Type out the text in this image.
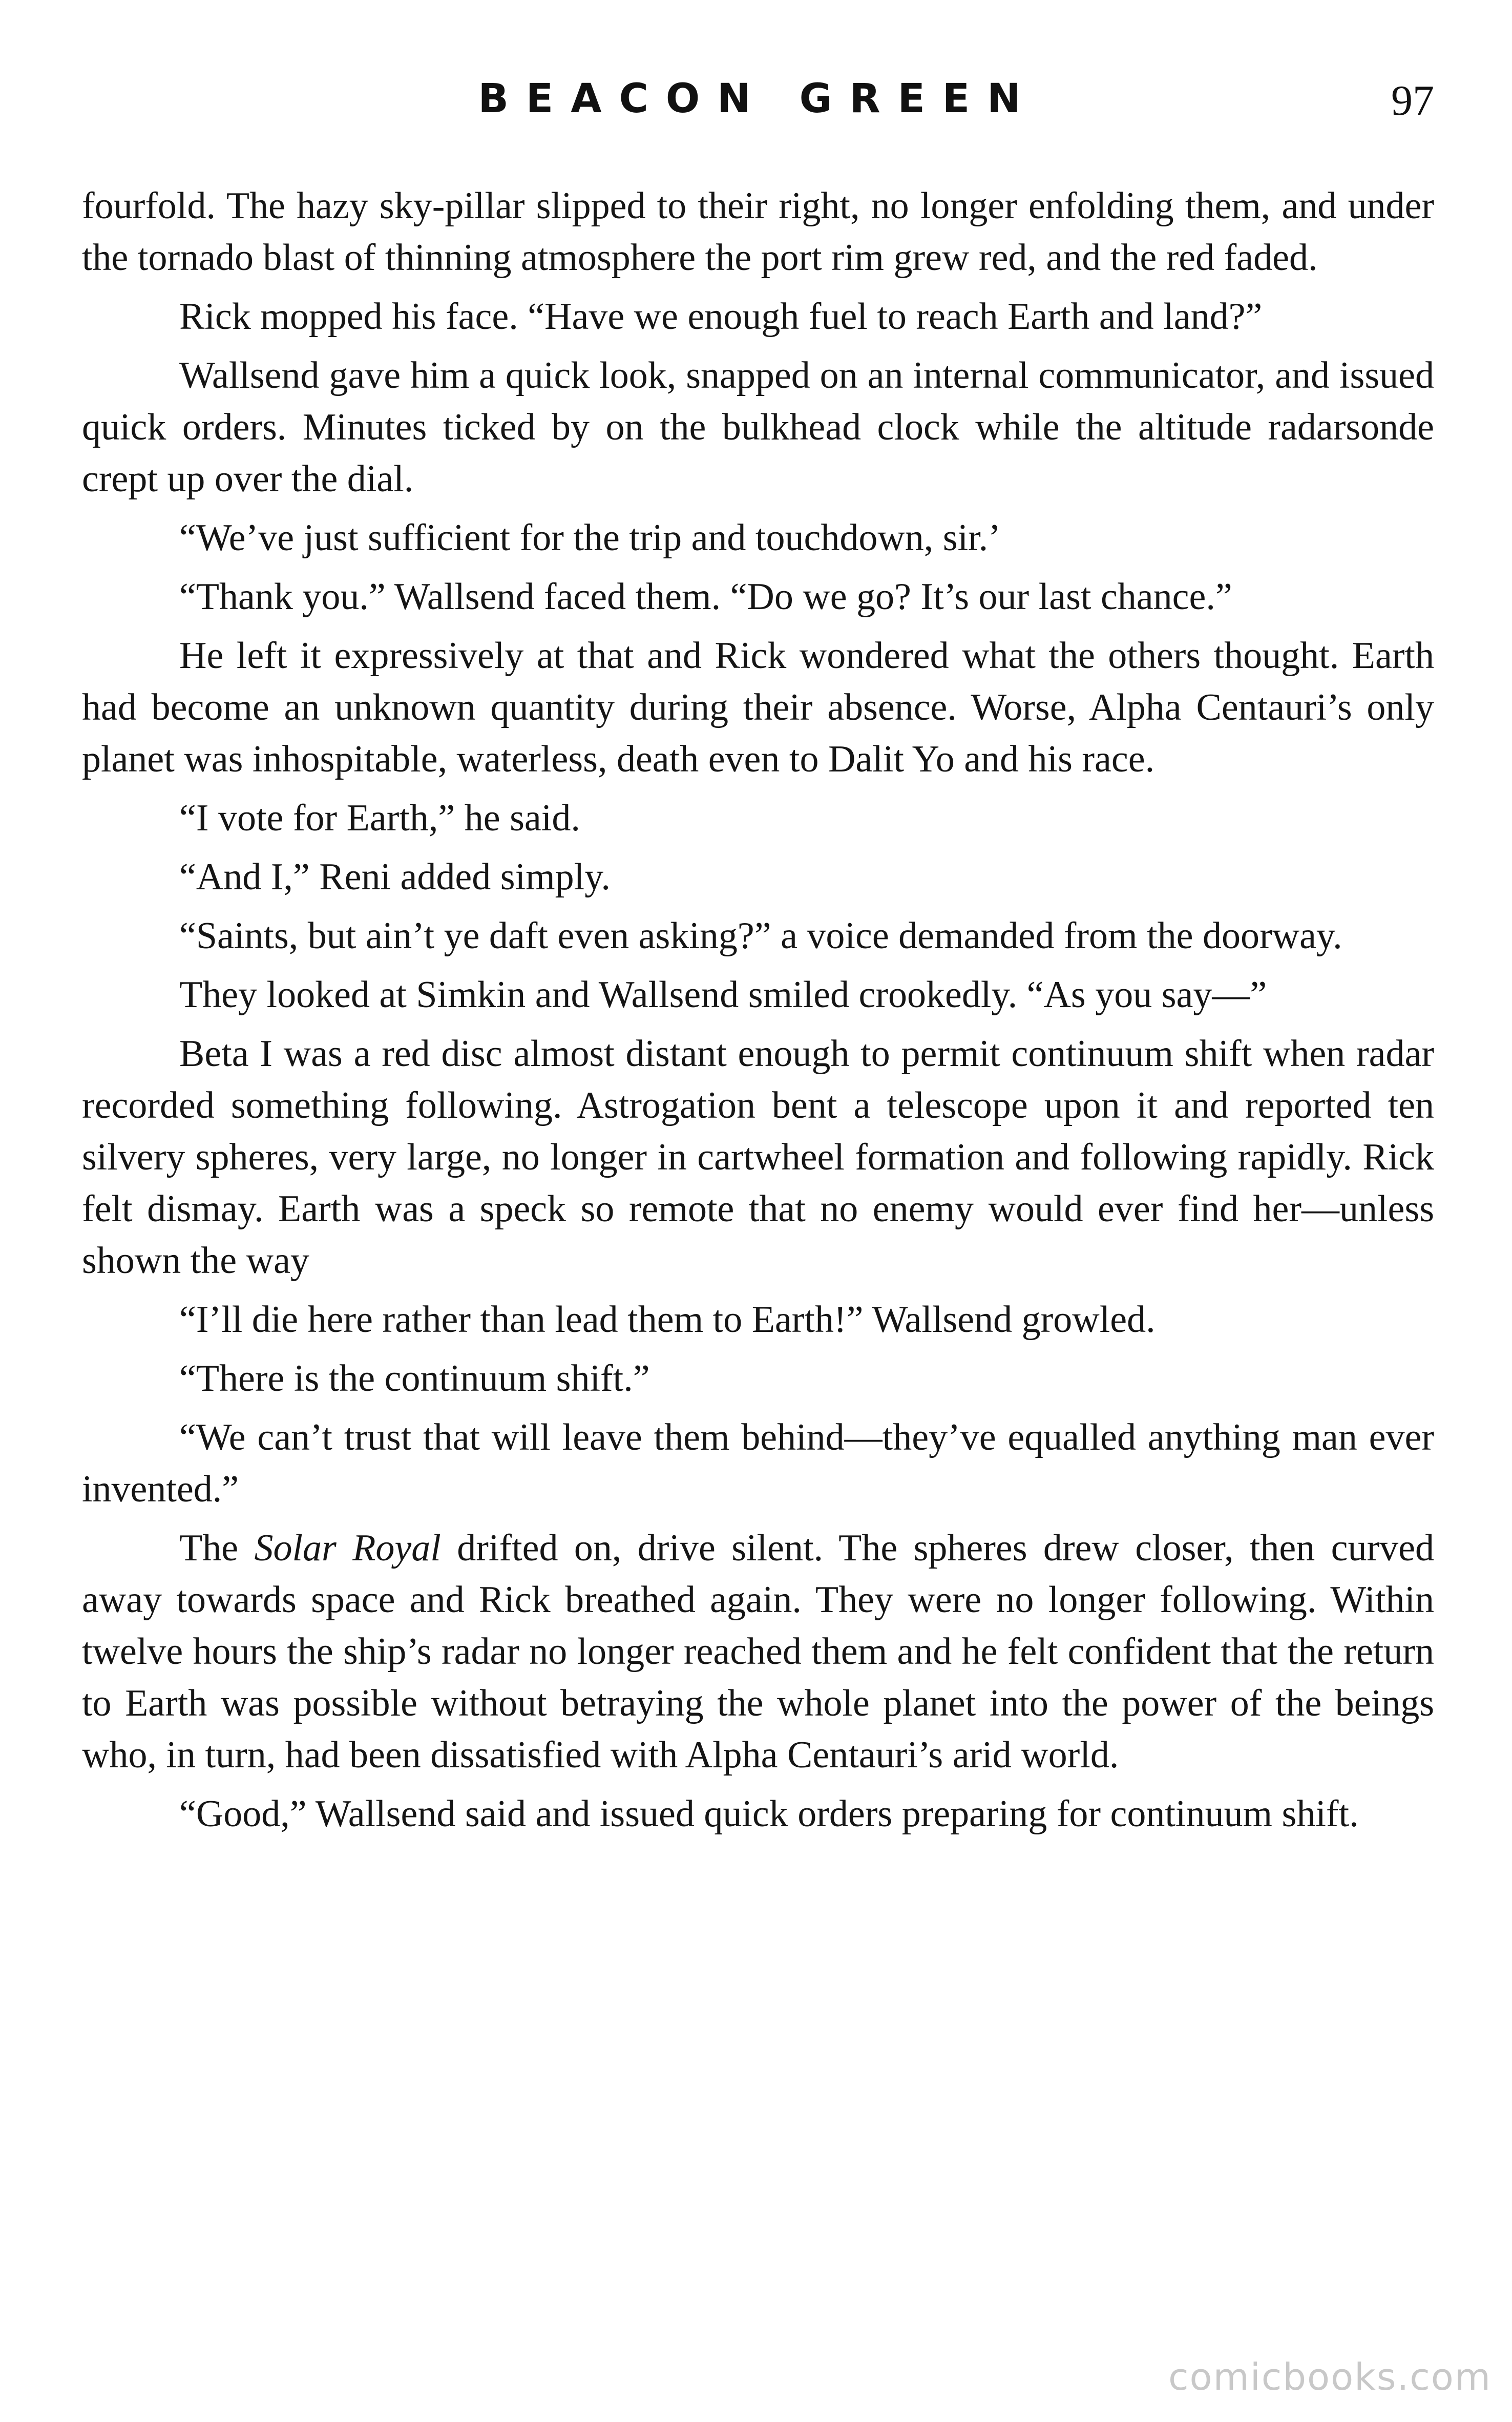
BEACON GREEN	97

fourfold. The hazy sky-pillar slipped to their right, no longer enfolding them, and under the tornado blast of thinning atmosphere the port rim grew red, and the red faded.

Rick mopped his face. “Have we enough fuel to reach Earth and land?”

Wallsend gave him a quick look, snapped on an internal communicator, and issued quick orders. Minutes ticked by on the bulkhead clock while the altitude radarsonde crept up over the dial.

“We’ve just sufficient for the trip and touchdown, sir.’

“Thank you.” Wallsend faced them. “Do we go? It’s our last chance.”

He left it expressively at that and Rick wondered what the others thought. Earth had become an unknown quantity during their absence. Worse, Alpha Centauri’s only planet was inhospitable, waterless, death even to Dalit Yo and his race.

“I vote for Earth,” he said.

“And I,” Reni added simply.

“Saints, but ain’t ye daft even asking?” a voice demanded from the doorway.

They looked at Simkin and Wallsend smiled crookedly. “As you say—”

Beta I was a red disc almost distant enough to permit continuum shift when radar recorded something following. Astrogation bent a telescope upon it and reported ten silvery spheres, very large, no longer in cartwheel formation and following rapidly. Rick felt dismay. Earth was a speck so remote that no enemy would ever find her—unless shown the way

“I’ll die here rather than lead them to Earth!” Wallsend growled.

“There is the continuum shift.”

“We can’t trust that will leave them behind—they’ve equalled anything man ever invented.”

The Solar Royal drifted on, drive silent. The spheres drew closer, then curved away towards space and Rick breathed again. They were no longer following. Within twelve hours the ship’s radar no longer reached them and he felt confident that the return to Earth was possible without betraying the whole planet into the power of the beings who, in turn, had been dissatisfied with Alpha Centauri’s arid world.

“Good,” Wallsend said and issued quick orders preparing for continuum shift.

comicbooks.com
